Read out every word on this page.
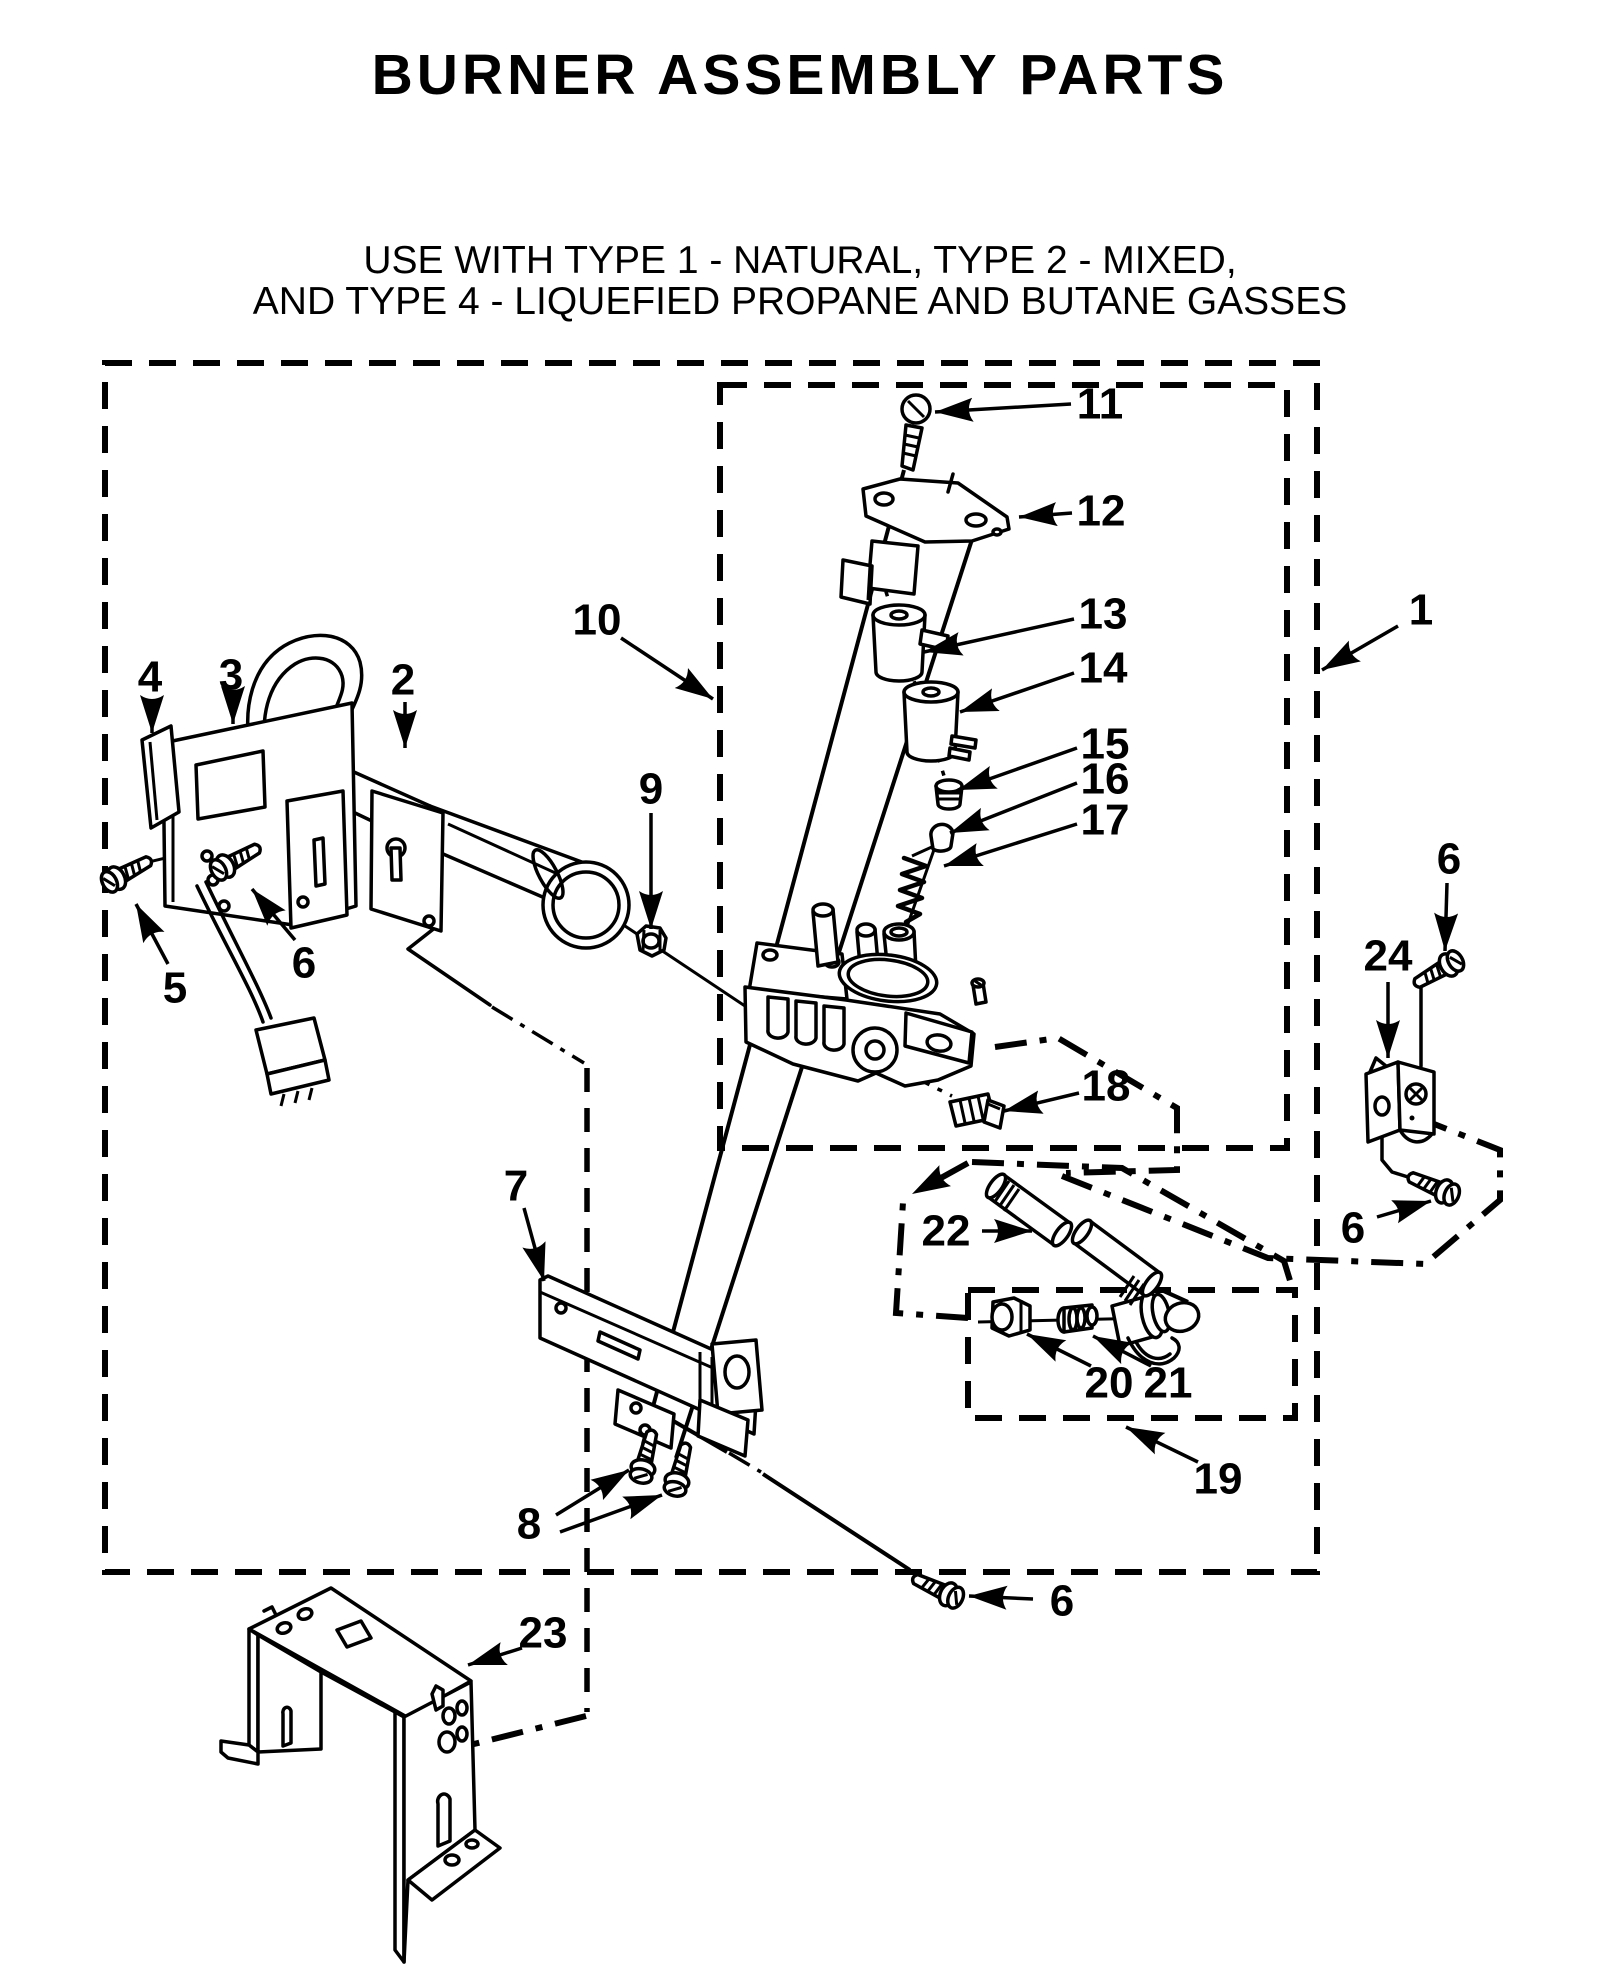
BURNER ASSEMBLY PARTS
USE WITH TYPE 1 - NATURAL, TYPE 2 - MIXED,
AND TYPE 4 - LIQUEFIED PROPANE AND BUTANE GASSES
1
2
3
4
5
6
7
8
9
10
11
12
13
14
15
16
17
18
19
20 21
22
23
24
6
6
6
